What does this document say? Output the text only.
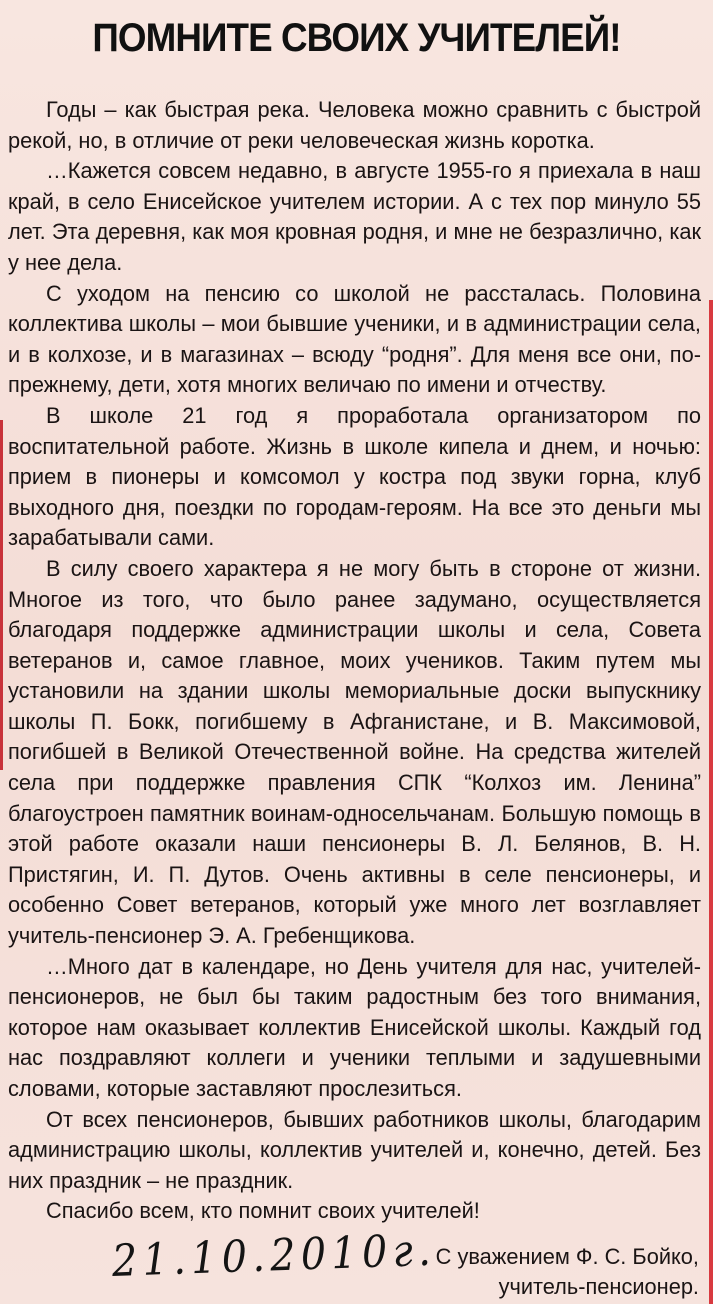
ПОМНИТЕ СВОИХ УЧИТЕЛЕЙ!

Годы – как быстрая река. Человека можно сравнить с быстрой рекой, но, в отличие от реки человеческая жизнь коротка.

…Кажется совсем недавно, в августе 1955-го я приехала в наш край, в село Енисейское учителем истории. А с тех пор минуло 55 лет. Эта деревня, как моя кровная родня, и мне не безразлично, как у нее дела.

С уходом на пенсию со школой не рассталась. Половина коллектива школы – мои бывшие ученики, и в администрации села, и в колхозе, и в магазинах – всюду “родня”. Для меня все они, по-прежнему, дети, хотя многих величаю по имени и отчеству.

В школе 21 год я проработала организатором по воспитательной работе. Жизнь в школе кипела и днем, и ночью: прием в пионеры и комсомол у костра под звуки горна, клуб выходного дня, поездки по городам-героям. На все это деньги мы зарабатывали сами.

В силу своего характера я не могу быть в стороне от жизни. Многое из того, что было ранее задумано, осуществляется благодаря поддержке администрации школы и села, Совета ветеранов и, самое главное, моих учеников. Таким путем мы установили на здании школы мемориальные доски выпускнику школы П. Бокк, погибшему в Афганистане, и В. Максимовой, погибшей в Великой Отечественной войне. На средства жителей села при поддержке правления СПК “Колхоз им. Ленина” благоустроен памятник воинам-односельчанам. Большую помощь в этой работе оказали наши пенсионеры В. Л. Белянов, В. Н. Пристягин, И. П. Дутов. Очень активны в селе пенсионеры, и особенно Совет ветеранов, который уже много лет возглавляет учитель-пенсионер Э. А. Гребенщикова.

…Много дат в календаре, но День учителя для нас, учителей-пенсионеров, не был бы таким радостным без того внимания, которое нам оказывает коллектив Енисейской школы. Каждый год нас поздравляют коллеги и ученики теплыми и задушевными словами, которые заставляют прослезиться.

От всех пенсионеров, бывших работников школы, благодарим администрацию школы, коллектив учителей и, конечно, детей. Без них праздник – не праздник.

Спасибо всем, кто помнит своих учителей!

21.10.2010г.
С уважением Ф. С. Бойко,
учитель-пенсионер.
